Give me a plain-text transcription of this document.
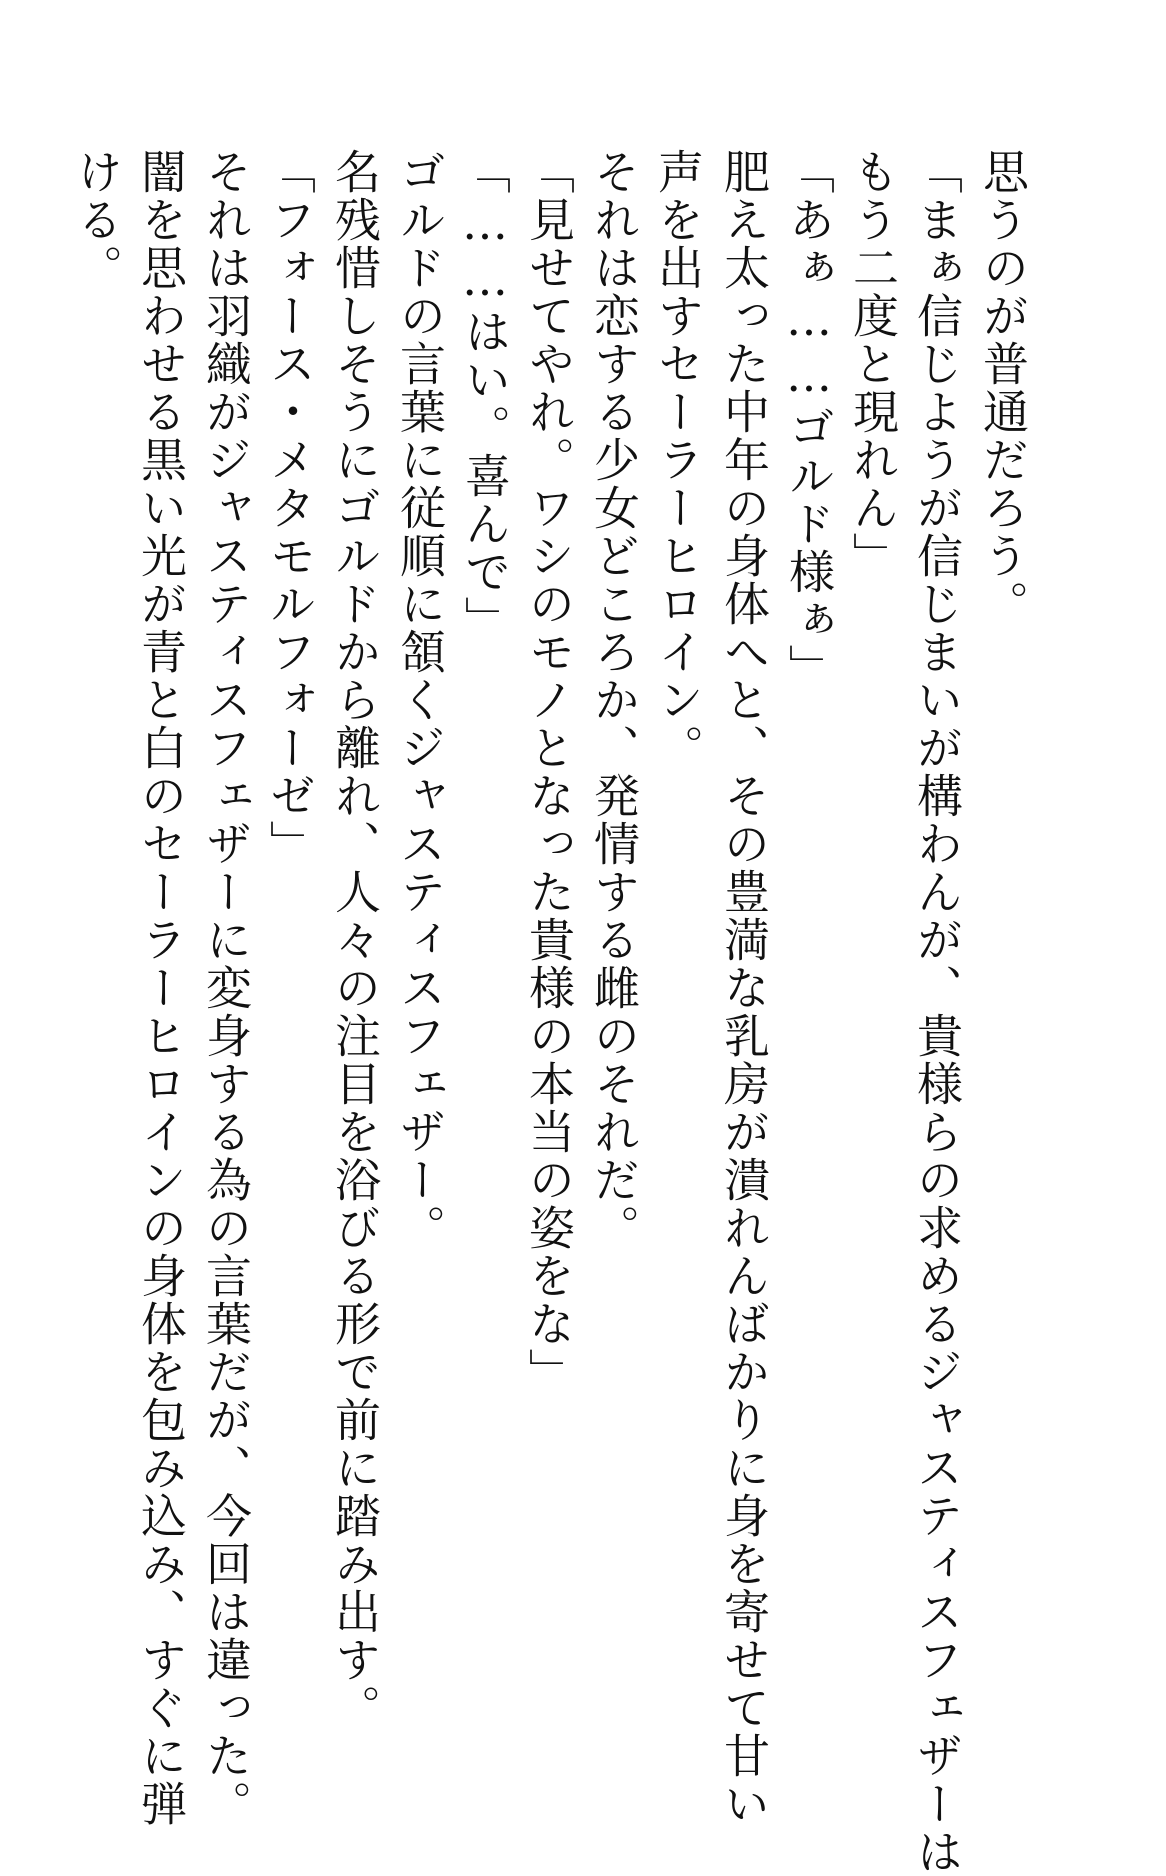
思うのが普通だろう。
「まぁ信じようが信じまいが構わんが、貴様らの求めるジャスティスフェザーは
もう二度と現れん」
「あぁ……ゴルド様ぁ」
肥え太った中年の身体へと、その豊満な乳房が潰れんばかりに身を寄せて甘い
声を出すセーラーヒロイン。
それは恋する少女どころか、発情する雌のそれだ。
「見せてやれ。ワシのモノとなった貴様の本当の姿をな」
「……はい。喜んで」
ゴルドの言葉に従順に頷くジャスティスフェザー。
名残惜しそうにゴルドから離れ、人々の注目を浴びる形で前に踏み出す。
「フォース・メタモルフォーゼ」
それは羽織がジャスティスフェザーに変身する為の言葉だが、今回は違った。
闇を思わせる黒い光が青と白のセーラーヒロインの身体を包み込み、すぐに弾
ける。
